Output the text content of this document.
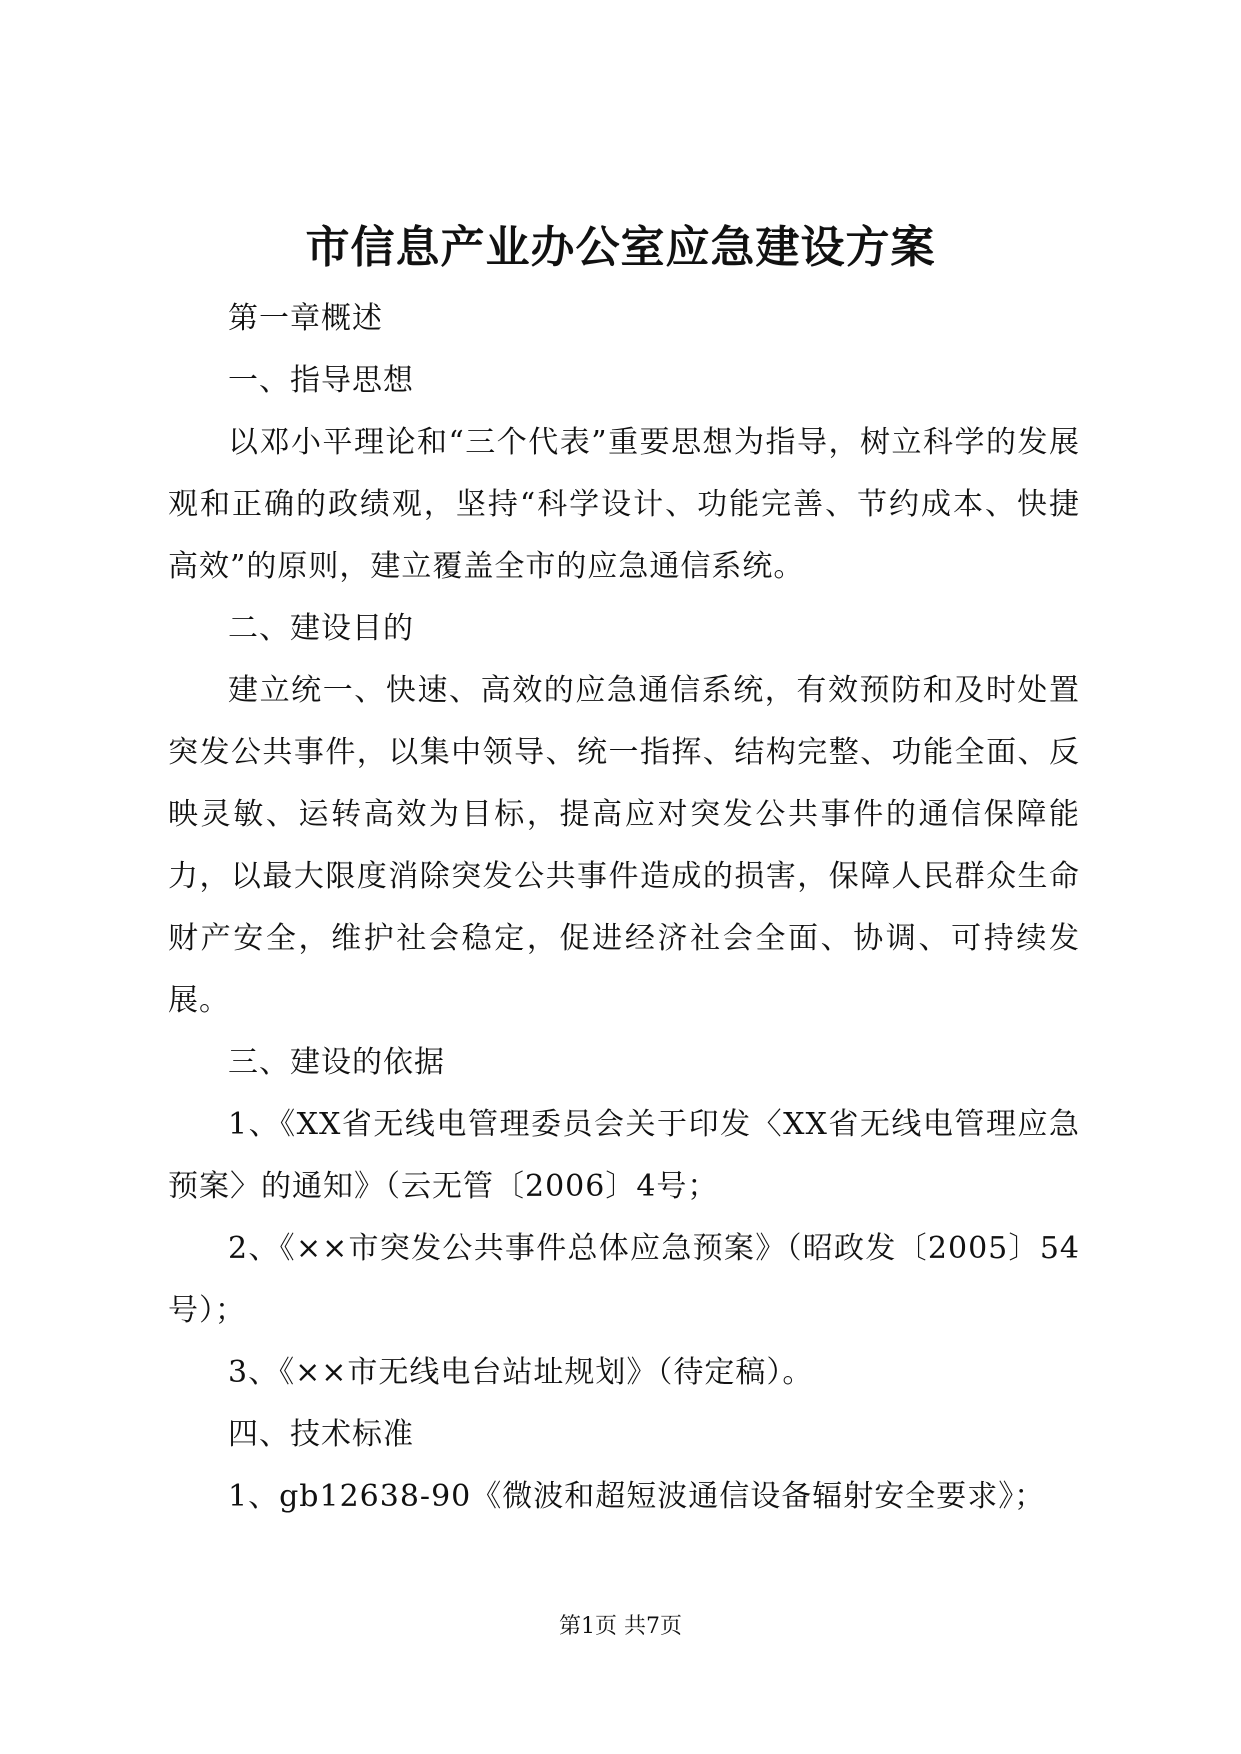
市信息产业办公室应急建设方案

第一章概述

一、指导思想

以邓小平理论和“三个代表”重要思想为指导，树立科学的发展观和正确的政绩观，坚持“科学设计、功能完善、节约成本、快捷高效”的原则，建立覆盖全市的应急通信系统。

二、建设目的

建立统一、快速、高效的应急通信系统，有效预防和及时处置突发公共事件，以集中领导、统一指挥、结构完整、功能全面、反映灵敏、运转高效为目标，提高应对突发公共事件的通信保障能力，以最大限度消除突发公共事件造成的损害，保障人民群众生命财产安全，维护社会稳定，促进经济社会全面、协调、可持续发展。

三、建设的依据

1、《XX省无线电管理委员会关于印发〈XX省无线电管理应急预案〉的通知》（云无管〔2006〕4号；

2、《××市突发公共事件总体应急预案》（昭政发〔2005〕54号）；

3、《××市无线电台站址规划》（待定稿）。

四、技术标准

1、gb12638-90《微波和超短波通信设备辐射安全要求》；

第1页 共7页
